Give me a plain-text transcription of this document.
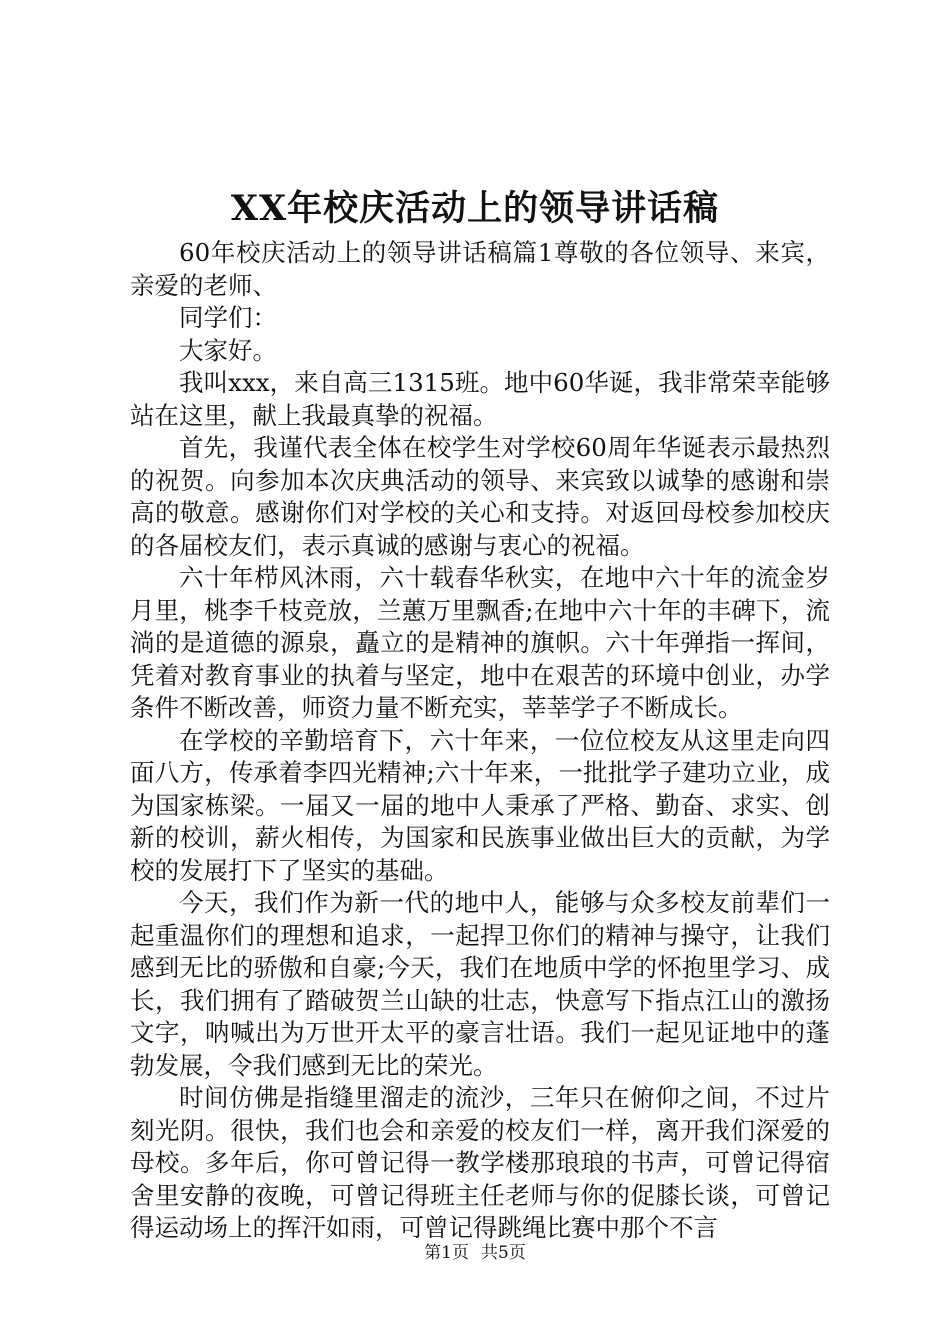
XX年校庆活动上的领导讲话稿

60年校庆活动上的领导讲话稿篇1尊敬的各位领导、来宾，亲爱的老师、

同学们：

大家好。

我叫xxx，来自高三1315班。地中60华诞，我非常荣幸能够站在这里，献上我最真挚的祝福。

首先，我谨代表全体在校学生对学校60周年华诞表示最热烈的祝贺。向参加本次庆典活动的领导、来宾致以诚挚的感谢和崇高的敬意。感谢你们对学校的关心和支持。对返回母校参加校庆的各届校友们，表示真诚的感谢与衷心的祝福。

六十年栉风沐雨，六十载春华秋实，在地中六十年的流金岁月里，桃李千枝竞放，兰蕙万里飘香;在地中六十年的丰碑下，流淌的是道德的源泉，矗立的是精神的旗帜。六十年弹指一挥间，凭着对教育事业的执着与坚定，地中在艰苦的环境中创业，办学条件不断改善，师资力量不断充实，莘莘学子不断成长。

在学校的辛勤培育下，六十年来，一位位校友从这里走向四面八方，传承着李四光精神;六十年来，一批批学子建功立业，成为国家栋梁。一届又一届的地中人秉承了严格、勤奋、求实、创新的校训，薪火相传，为国家和民族事业做出巨大的贡献，为学校的发展打下了坚实的基础。

今天，我们作为新一代的地中人，能够与众多校友前辈们一起重温你们的理想和追求，一起捍卫你们的精神与操守，让我们感到无比的骄傲和自豪;今天，我们在地质中学的怀抱里学习、成长，我们拥有了踏破贺兰山缺的壮志，快意写下指点江山的激扬文字，呐喊出为万世开太平的豪言壮语。我们一起见证地中的蓬勃发展，令我们感到无比的荣光。

时间仿佛是指缝里溜走的流沙，三年只在俯仰之间，不过片刻光阴。很快，我们也会和亲爱的校友们一样，离开我们深爱的母校。多年后，你可曾记得一教学楼那琅琅的书声，可曾记得宿舍里安静的夜晚，可曾记得班主任老师与你的促膝长谈，可曾记得运动场上的挥汗如雨，可曾记得跳绳比赛中那个不言

第1页 共5页
